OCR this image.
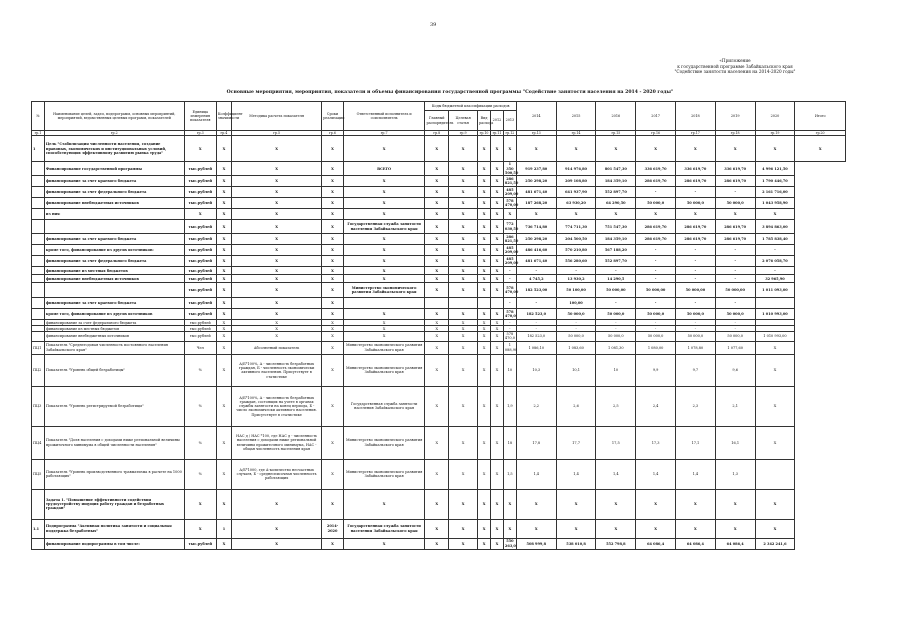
39
«Приложение
к государственной программе Забайкальского края
"Содействие занятости населения на 2014-2020 годы"
Основные мероприятия, мероприятия, показатели и объемы финансирования государственной программы "Содействие занятости населения на 2014 - 2020 годы"
№	Наименование целей, задач, подпрограмм, основных мероприятий, мероприятий, ведомственных целевых программ, показателей	Единица измерения показателя	Коэффициент значимости	Методика расчета показателя	Сроки реализации	Ответственный исполнитель и соисполнитель	Коды бюджетной классификации расходов					2014	2015	2016	2017	2018	2019	2020	Итого
							Главный распорядитель	Целевая статья	Вид расхода	2012	2013								
гр.1	гр.2	гр.3	гр.4	гр.5	гр.6	гр.7	гр.8	гр.9	гр.10	гр.11	гр.12	гр.13	гр.14	гр.15	гр.16	гр.17	гр.18	гр.19	гр.20
1	Цель "Стабилизация численности населения, создание правовых, экономических и институциональных условий, способствующих эффективному развитию рынка труда"	X	X	X	X	X	X	X	X	X	X	X	X	X	X	X	X	X	X
	Финансирование государственной программы	тыс.рублей	X	X	X	ВСЕГО	X	X	X	X	1 350 500,50	919 237,80	914 976,80	801 547,30	336 619,70	336 619,70	336 619,70	4 996 121,50	
	финансирование за счет краевого бюджета	тыс.рублей	X	X	X	X	X	X	X	X	286 821,50	250 298,20	209 108,80	184 359,10	286 619,70	286 619,70	286 619,70	1 790 446,70	
	финансирование за счет федерального бюджета	тыс.рублей	X	X	X	X	X	X	X	X	485 209,00	481 671,40	641 937,90	552 897,70	-	-	-	2 161 716,00	
	финансирование внебюджетных источников	тыс.рублей	X	X	X	X	X	X	X	X	578 470,00	187 268,20	63 930,20	64 290,50	50 000,0	50 000,0	50 000,0	1 043 958,90	
	из них:	X	X	X	X	X	X	X	X	X	X	X	X	X	X	X	X	X	
		тыс.рублей	X	X	X	Государственная служба занятости населения Забайкальского края	X	X	X	X	772 030,50	736 714,80	774 711,30	751 547,30	286 619,70	286 619,70	286 619,70	3 894 863,00	
	финансирование за счет краевого бюджета	тыс.рублей	X	X	X	X	X	X	X	X	286 821,50	250 298,20	204 500,50	184 359,10	286 619,70	286 619,70	286 619,70	1 785 838,40	
	кроме того, финансирование из других источников:	тыс.рублей	X	X	X	X	X	X	X	X	485 209,00	486 416,60	570 210,80	567 188,20	-	-	-	-	
	финансирование за счет федерального бюджета	тыс.рублей	X	X	X	X	X	X	X	X	485 209,00	481 671,40	556 280,60	552 897,70	-	-	-	2 076 058,70	
	финансирование из местных бюджетов	тыс.рублей	X	X	X	X	X	X	X	X	-	-	-	-	-	-	-	-	
	финансирование внебюджетных источников	тыс.рублей	X	X	X	X	X	X	X	X	-	4 745,2	13 930,2	14 290,5	-	-	-	32 965,90	
		тыс.рублей	X	X	X	Министерство экономического развития Забайкальского края	X	X	X	X	578 470,00	182 523,00	50 100,00	50 000,00	50 000,00	50 000,00	50 000,00	1 011 093,00	
	финансирование за счет краевого бюджета	тыс.рублей	X	X	X						-	-	100,00	-	-	-	-		
	кроме того, финансирование из других источников	тыс.рублей	X	X	X	X	X	X	X	X	578 470,0	182 523,0	50 000,0	50 000,0	50 000,0	50 000,0	50 000,0	1 010 993,00	
	финансирование за счет федерального бюджета	тыс.рублей	X	X	X	X	X	X	X	X	-	-	-	-	-	-	-		
	финансирование из местных бюджетов	тыс.рублей	X	X	X	X	X	X	X	X	-	-	-	-	-	-	-		
	финансирование внебюджетных источников	тыс.рублей	X	X	X	X	X	X	X	X	578 470,0	182 523,0	50 000,0	50 000,0	50 000,0	50 000,0	50 000,0	1 010 993,00	
ПЦ1	Показатель "Среднегодовая численность постоянного населения Забайкальского края"	Чел	X	Абсолютный показатель	X	Министерство экономического развития Забайкальского края	X	X	X	X	1 088,90	1 086,10	1 083,60	1 081,30	1 080,00	1 078,80	1 077,60	X	
ПЦ2	Показатель "Уровень общей безработицы"	%	X	А/Б*100%, А - численность безработных граждан, Б - численность экономически активного населения. Присутствует в статистике	X	Министерство экономического развития Забайкальского края	X	X	X	X	10	10,3	10,1	10	9,9	9,7	9,6	X	
ПЦ3	Показатель "Уровень регистрируемой безработицы"	%	X	А/Б*100%, А - численность безработных граждан, состоящих на учете в органах службы занятости на конец периода, Б - число экономически активного населения. Присутствует в статистике	X	Государственная служба занятости населения Забайкальского края	X	X	X	X	1,9	2,2	2,6	2,5	2,4	2,3	2,1	X	
ПЦ4	Показатель "Доля населения с доходами ниже региональной величины прожиточного минимума в общей численности населения"	%	X	НАС д / НАС *100, где НАС д - численность населения с доходами ниже региональной величины прожиточного минимума, НАС - общая численность населения края	X	Министерство экономического развития Забайкальского края	X	X	X	X	18	17,8	17,7	17,5	17,3	17,1	16,1	X	
ПЦ5	Показатель "Уровень производственного травматизма в расчете на 1000 работающих"	%	X	А/Б*1000, где А-количество несчастных случаев, Б - среднесписочная численность работающих	X	Министерство экономического развития Забайкальского края	X	X	X	X	1,5	1,4	1,4	1,4	1,4	1,4	1,3		
	Задача 1. "Повышение эффективности содействия трудоустройству ищущих работу граждан и безработных граждан"	X	X	X	X	X	X	X	X	X	X	X	X	X	X	X	X	X	
1.1	Подпрограмма "Активная политика занятости и социальная поддержка безработных"	X	1	X	2014-2020	Государственная служба занятости населения Забайкальского края	X	X	X	X	X	X	X	X	X	X	X	X	
	финансирование подпрограммы в том числе:	тыс.рублей	X	X	X	X	X	X	X	X	550 263,0	508 999,8	538 010,8	552 798,8	64 086,4	64 086,4	64 086,4	2 342 241,6	
